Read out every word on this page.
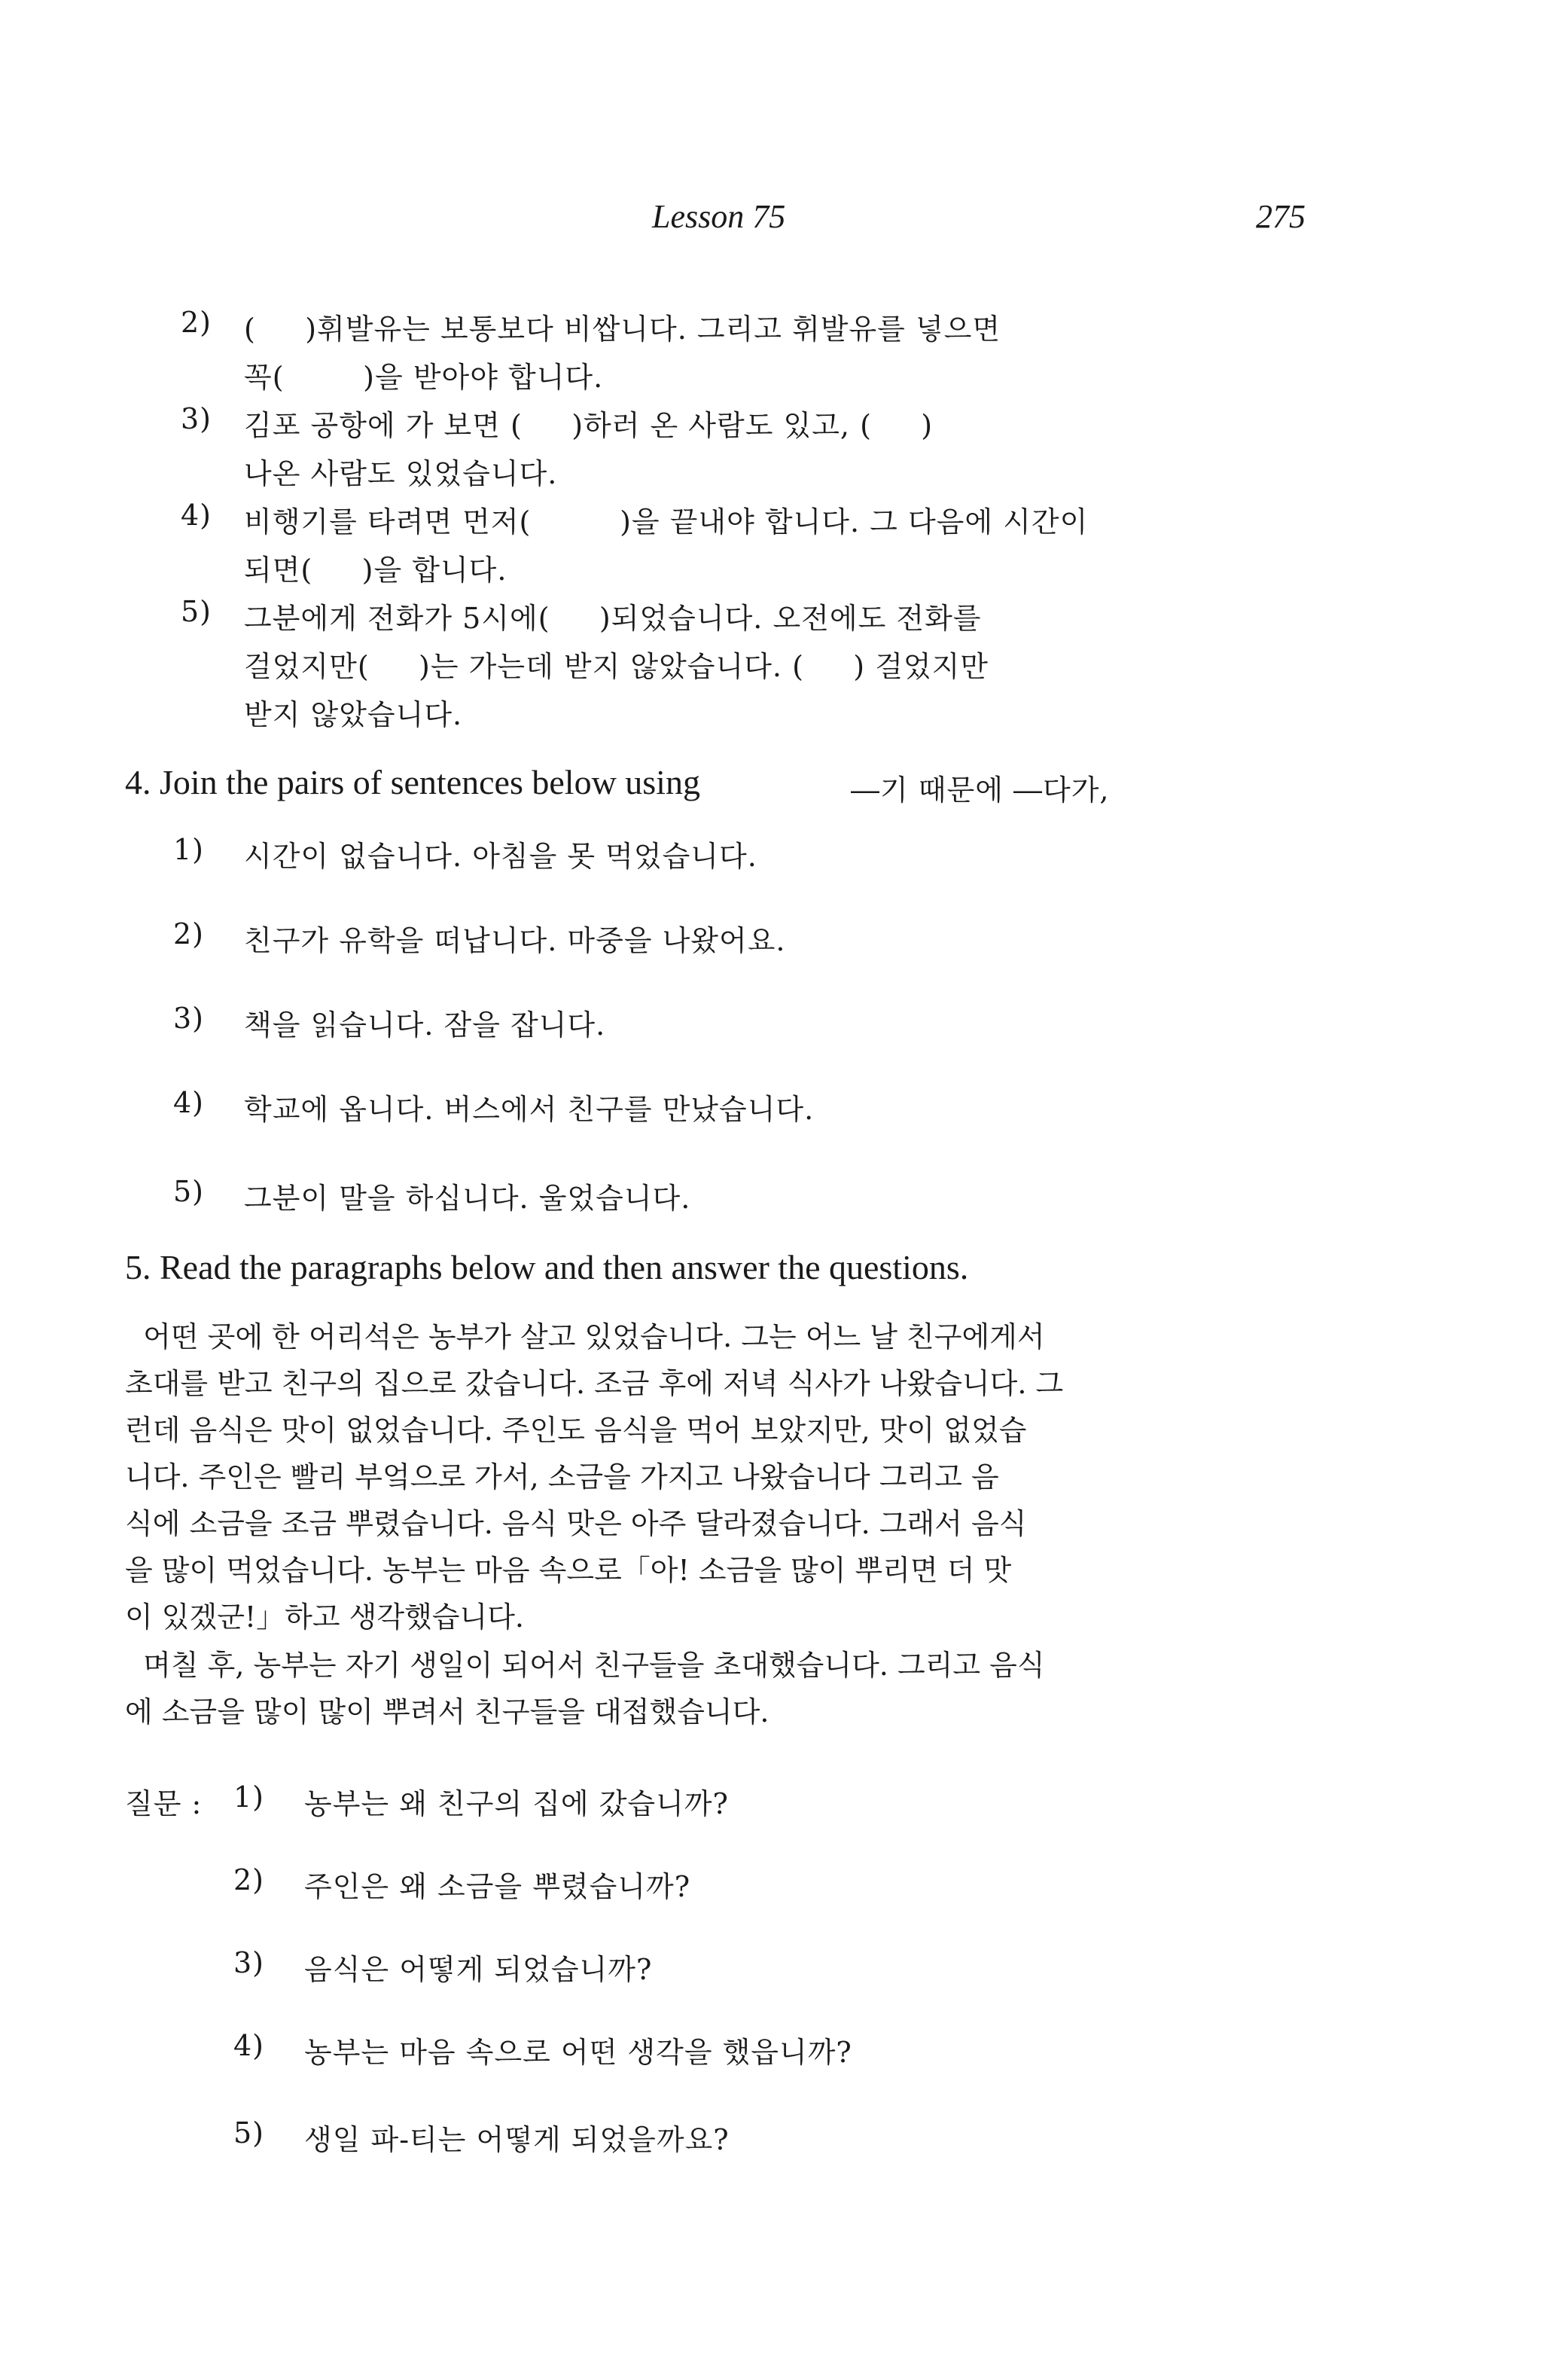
Lesson 75	275
2) (     )휘발유는 보통보다 비쌉니다. 그리고 휘발유를 넣으면
꼭(        )을 받아야 합니다.
3) 김포 공항에 가 보면 (     )하러 온 사람도 있고, (     )
나온 사람도 있었습니다.
4) 비행기를 타려면 먼저(         )을 끝내야 합니다. 그 다음에 시간이
되면(     )을 합니다.
5) 그분에게 전화가 5시에(     )되었습니다. 오전에도 전화를
걸었지만(     )는 가는데 받지 않았습니다. (     ) 걸었지만
받지 않았습니다.
4. Join the pairs of sentences below using	―기 때문에 ―다가,
1) 시간이 없습니다. 아침을 못 먹었습니다.
2) 친구가 유학을 떠납니다. 마중을 나왔어요.
3) 책을 읽습니다. 잠을 잡니다.
4) 학교에 옵니다. 버스에서 친구를 만났습니다.
5) 그분이 말을 하십니다. 울었습니다.
5. Read the paragraphs below and then answer the questions.
어떤 곳에 한 어리석은 농부가 살고 있었습니다. 그는 어느 날 친구에게서
초대를 받고 친구의 집으로 갔습니다. 조금 후에 저녁 식사가 나왔습니다. 그
런데 음식은 맛이 없었습니다. 주인도 음식을 먹어 보았지만, 맛이 없었습
니다. 주인은 빨리 부엌으로 가서, 소금을 가지고 나왔습니다 그리고 음
식에 소금을 조금 뿌렸습니다. 음식 맛은 아주 달라졌습니다. 그래서 음식
을 많이 먹었습니다. 농부는 마음 속으로「아! 소금을 많이 뿌리면 더 맛
이 있겠군!」하고 생각했습니다.
며칠 후, 농부는 자기 생일이 되어서 친구들을 초대했습니다. 그리고 음식
에 소금을 많이 많이 뿌려서 친구들을 대접했습니다.
질문 : 1) 농부는 왜 친구의 집에 갔습니까?
2) 주인은 왜 소금을 뿌렸습니까?
3) 음식은 어떻게 되었습니까?
4) 농부는 마음 속으로 어떤 생각을 했읍니까?
5) 생일 파-티는 어떻게 되었을까요?
